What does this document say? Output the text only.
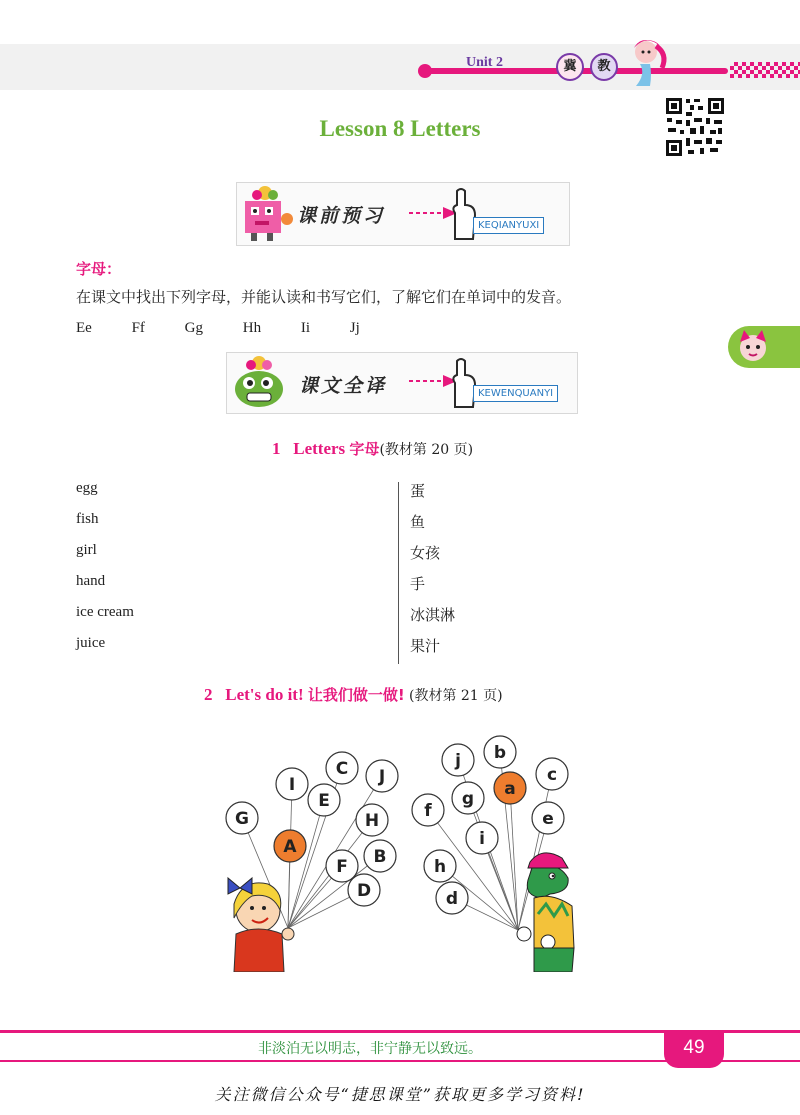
Unit 2	冀	教
Lesson 8 Letters
课前预习	KEQIANYUXI
字母：
在课文中找出下列字母，并能认读和书写它们，了解它们在单词中的发音。
Ee	Ff	Gg	Hh	Ii	Jj
课文全译	KEWENQUANYI
1 Letters 字母(教材第 20 页)
egg	蛋
fish	鱼
girl	女孩
hand	手
ice cream	冰淇淋
juice	果汁
2 Let's do it! 让我们做一做! (教材第 21 页)
I
C J
E
G	H
A
F B
D
j b
a
c
g
f	e
i
h
d
非淡泊无以明志，非宁静无以致远。	49
关注微信公众号“捷思课堂”获取更多学习资料!
